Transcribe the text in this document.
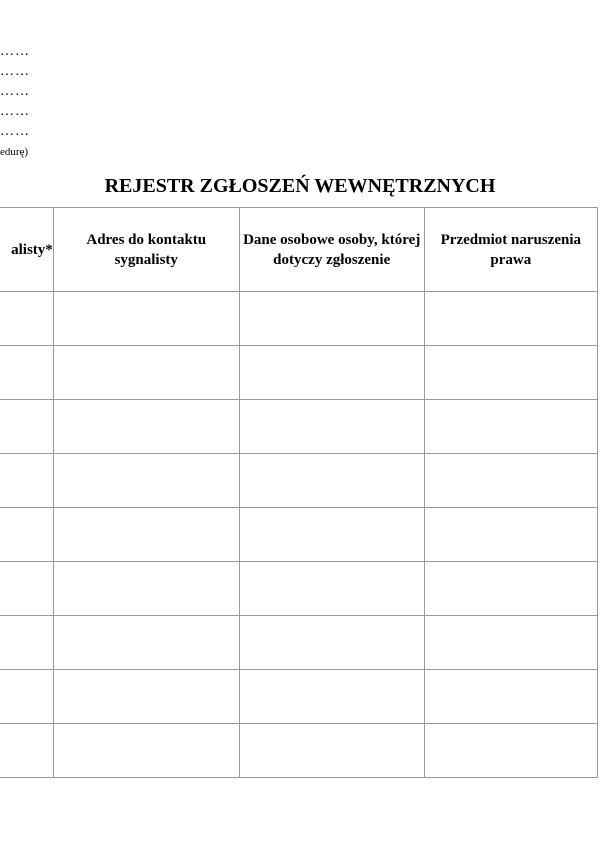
……
……
……
……
……
edurę)
REJESTR ZGŁOSZEŃ WEWNĘTRZNYCH
alisty*	Adres do kontaktu sygnalisty	Dane osobowe osoby, której dotyczy zgłoszenie	Przedmiot naruszenia prawa
